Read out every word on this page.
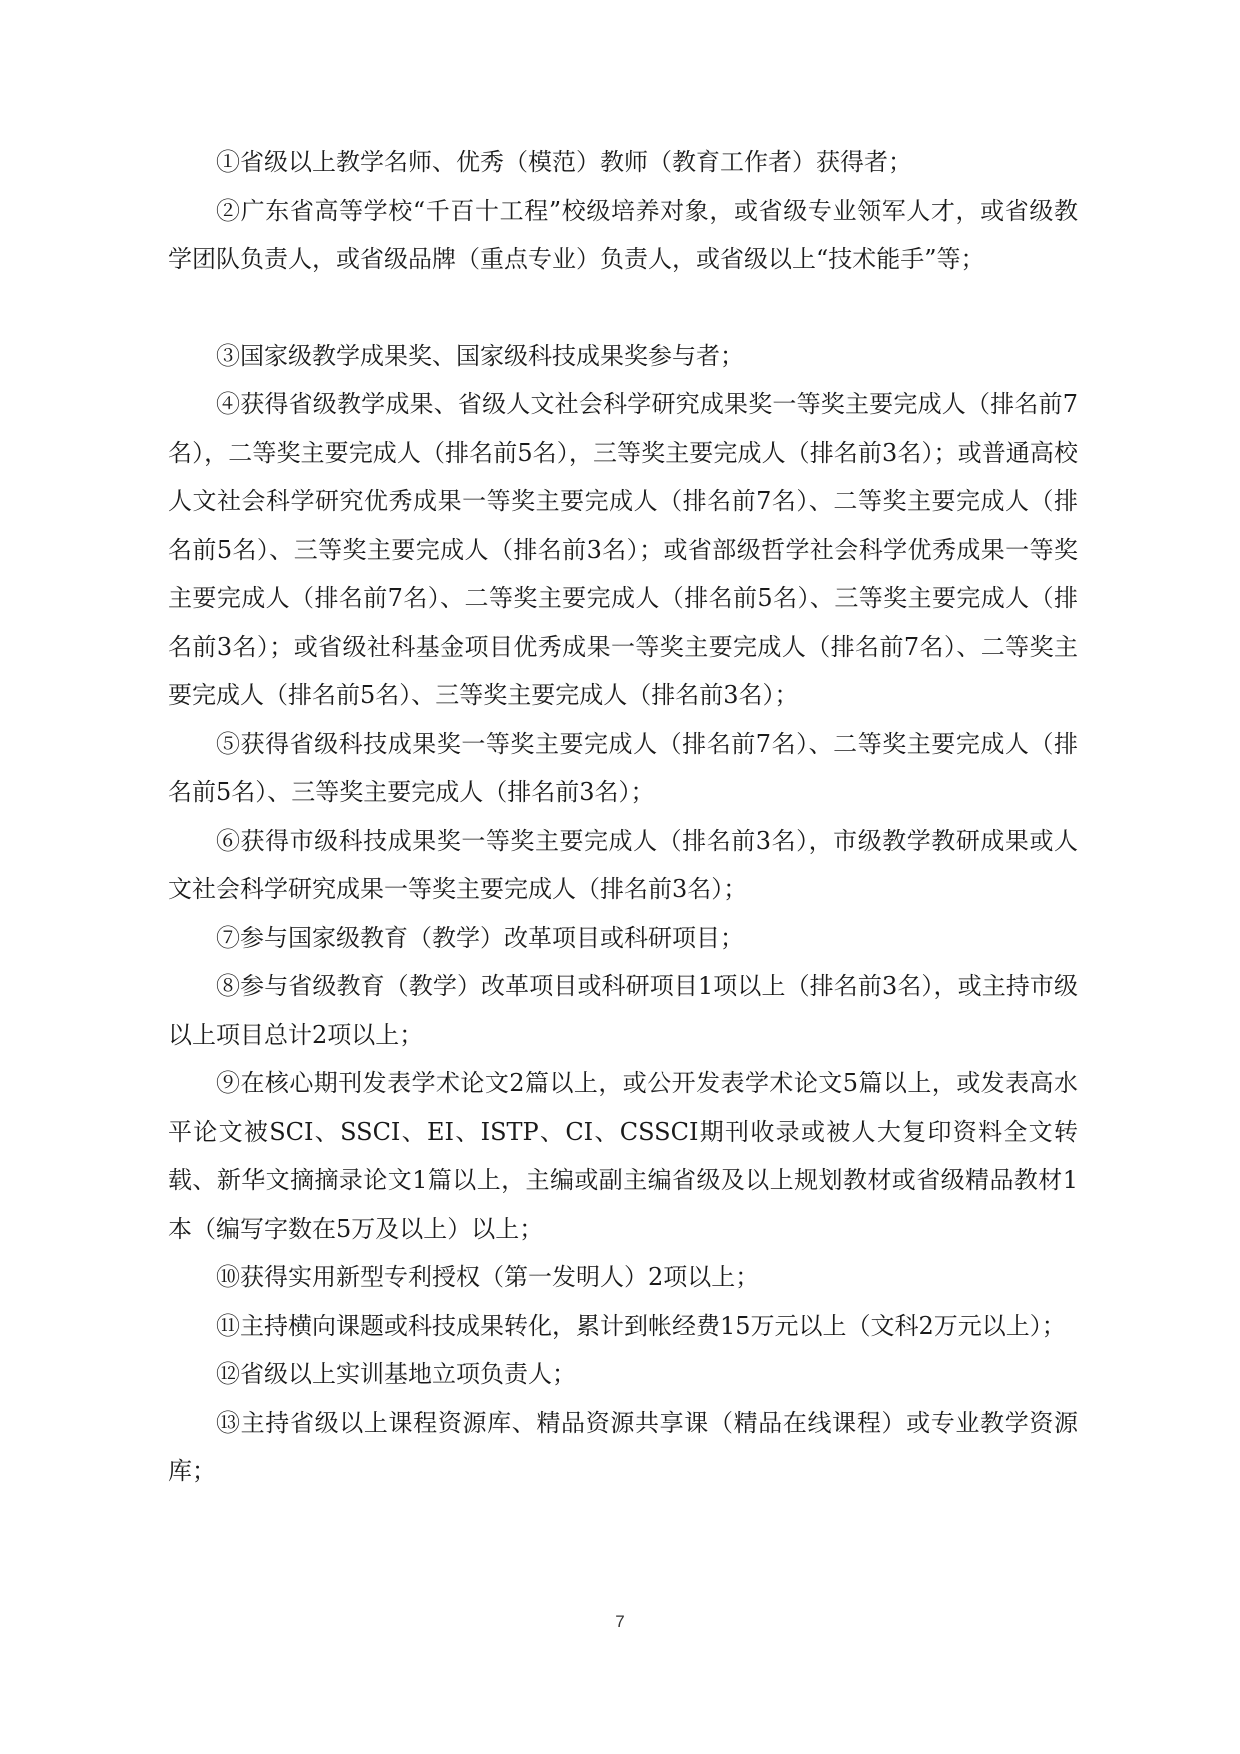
①省级以上教学名师、优秀（模范）教师（教育工作者）获得者；

②广东省高等学校“千百十工程”校级培养对象，或省级专业领军人才，或省级教学团队负责人，或省级品牌（重点专业）负责人，或省级以上“技术能手”等；

③国家级教学成果奖、国家级科技成果奖参与者；

④获得省级教学成果、省级人文社会科学研究成果奖一等奖主要完成人（排名前7名），二等奖主要完成人（排名前5名），三等奖主要完成人（排名前3名）；或普通高校人文社会科学研究优秀成果一等奖主要完成人（排名前7名）、二等奖主要完成人（排名前5名）、三等奖主要完成人（排名前3名）；或省部级哲学社会科学优秀成果一等奖主要完成人（排名前7名）、二等奖主要完成人（排名前5名）、三等奖主要完成人（排名前3名）；或省级社科基金项目优秀成果一等奖主要完成人（排名前7名）、二等奖主要完成人（排名前5名）、三等奖主要完成人（排名前3名）；

⑤获得省级科技成果奖一等奖主要完成人（排名前7名）、二等奖主要完成人（排名前5名）、三等奖主要完成人（排名前3名）；

⑥获得市级科技成果奖一等奖主要完成人（排名前3名），市级教学教研成果或人文社会科学研究成果一等奖主要完成人（排名前3名）；

⑦参与国家级教育（教学）改革项目或科研项目；

⑧参与省级教育（教学）改革项目或科研项目1项以上（排名前3名），或主持市级以上项目总计2项以上；

⑨在核心期刊发表学术论文2篇以上，或公开发表学术论文5篇以上，或发表高水平论文被SCI、SSCI、EI、ISTP、CI、CSSCI期刊收录或被人大复印资料全文转载、新华文摘摘录论文1篇以上，主编或副主编省级及以上规划教材或省级精品教材1本（编写字数在5万及以上）以上；

⑩获得实用新型专利授权（第一发明人）2项以上；

⑪主持横向课题或科技成果转化，累计到帐经费15万元以上（文科2万元以上）；

⑫省级以上实训基地立项负责人；

⑬主持省级以上课程资源库、精品资源共享课（精品在线课程）或专业教学资源库；

7
